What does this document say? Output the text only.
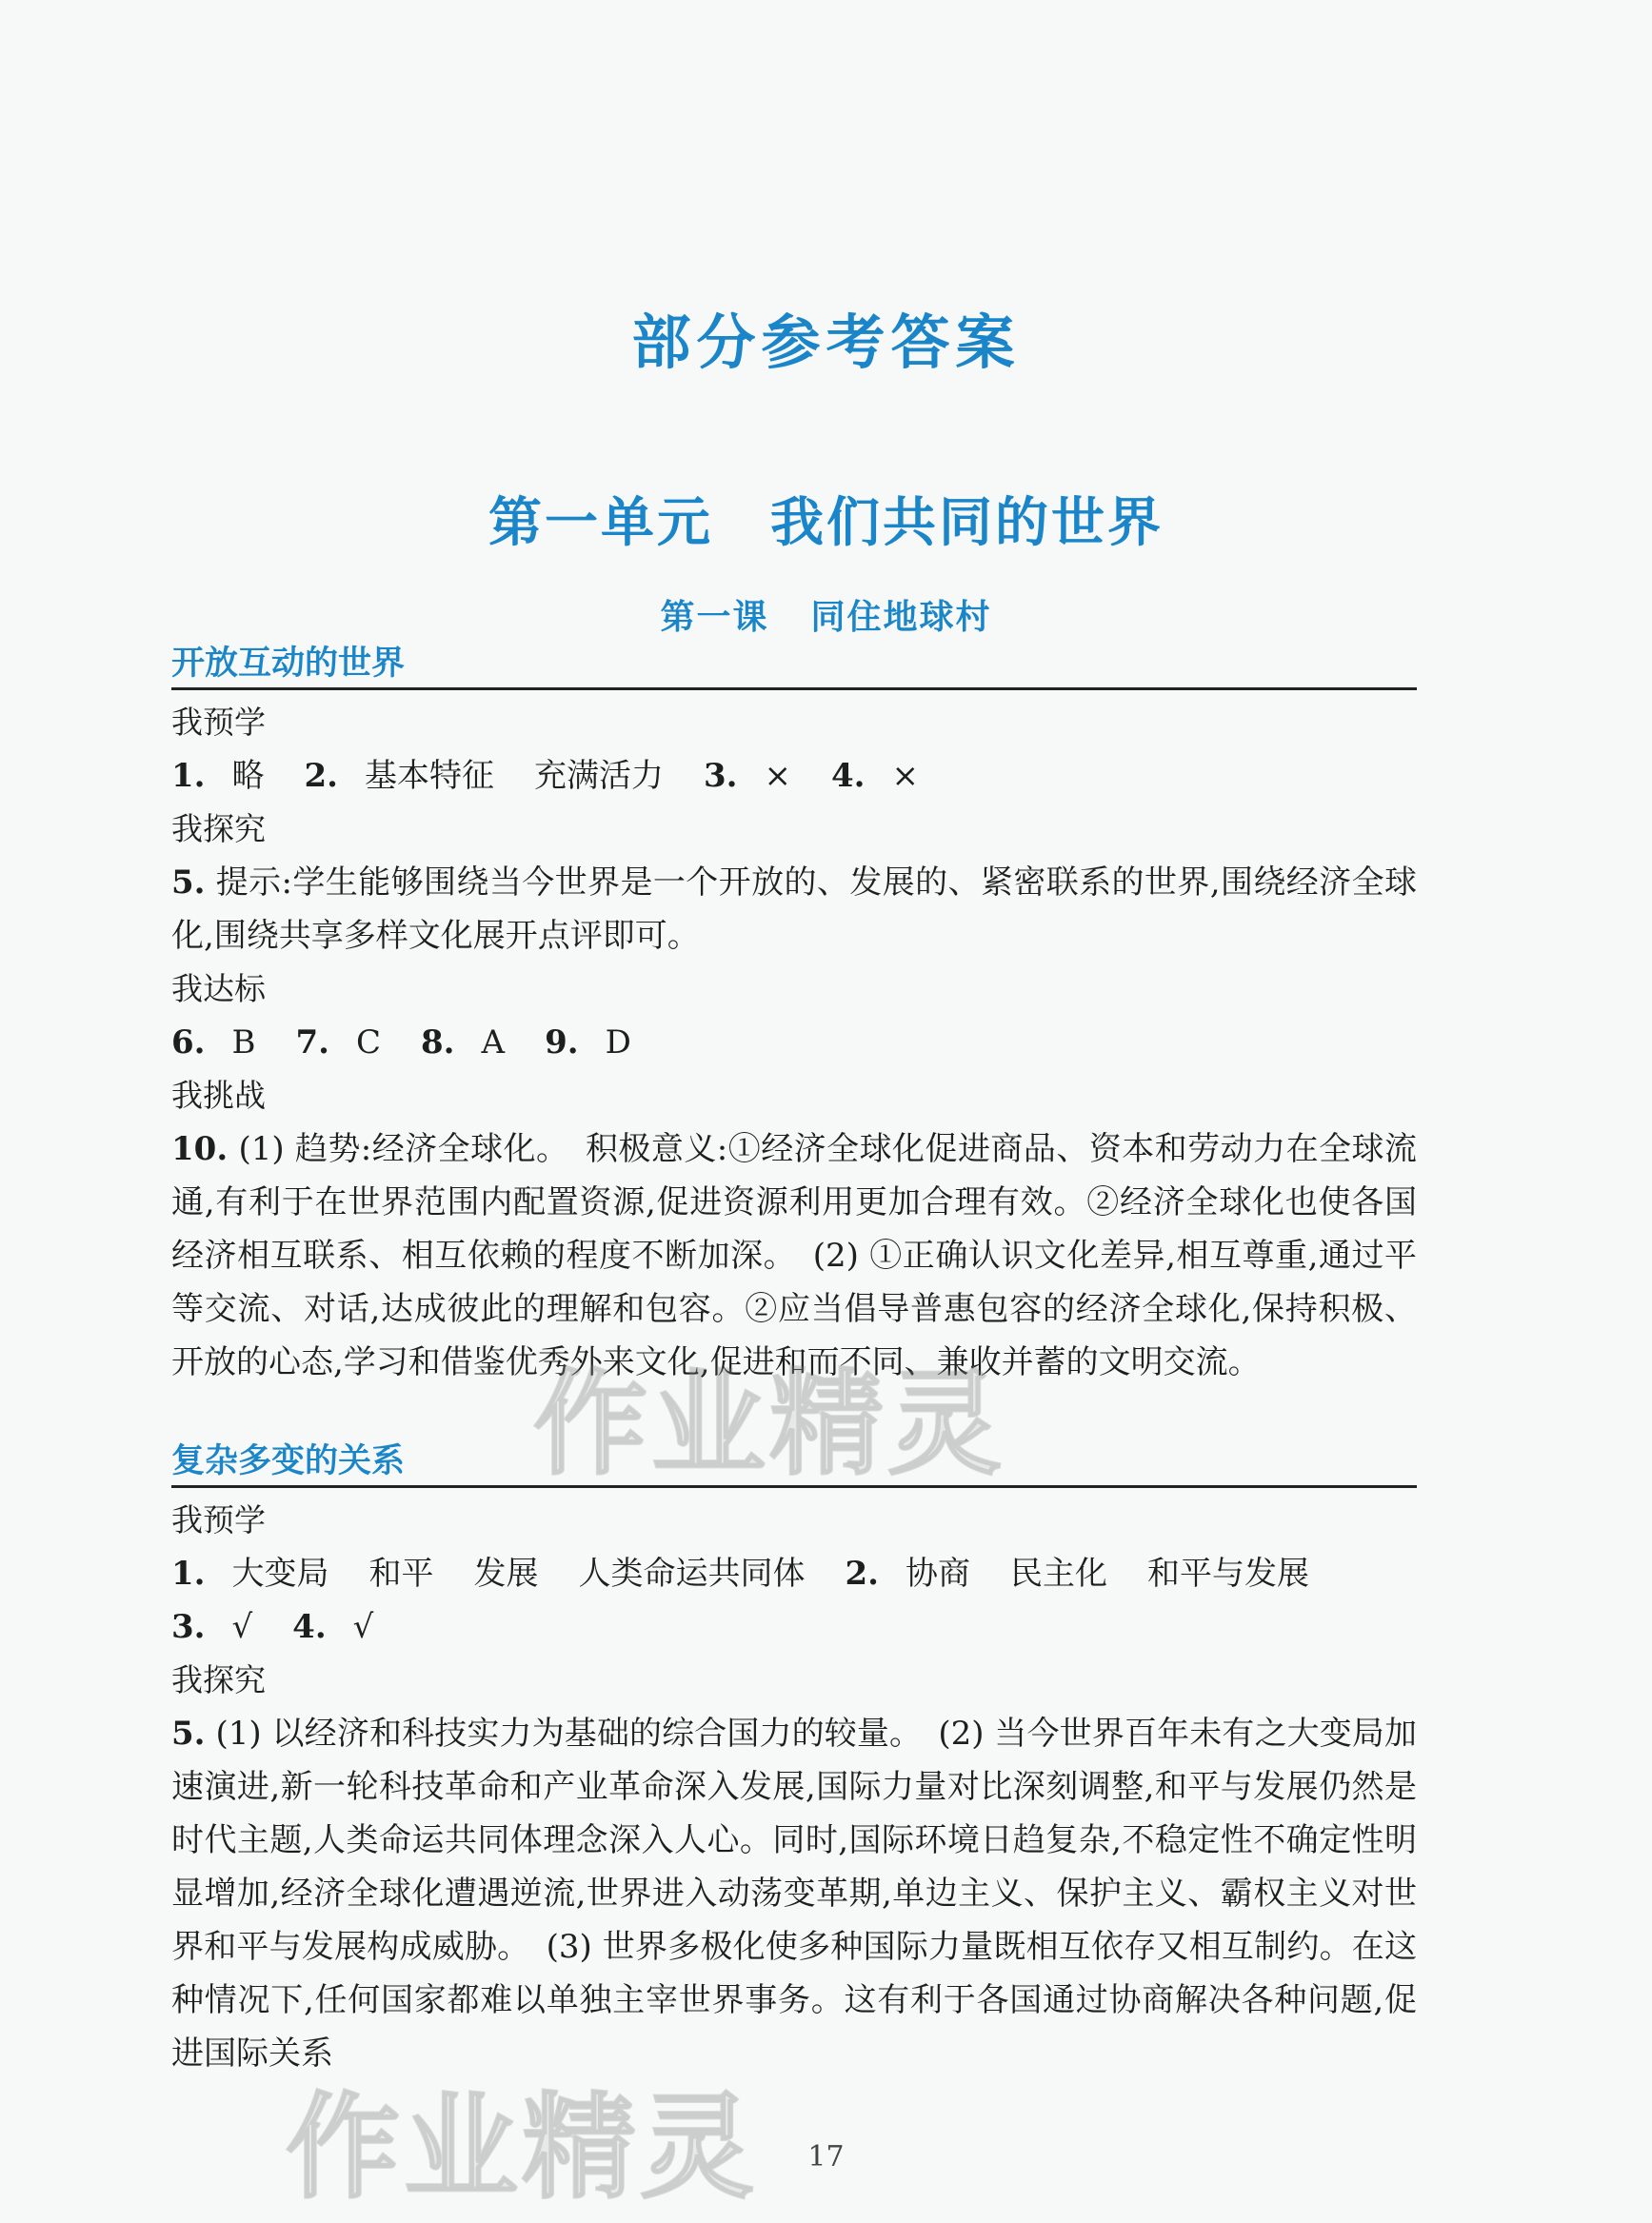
部分参考答案
第一单元 我们共同的世界
第一课 同住地球村
开放互动的世界

我预学

1. 略 2. 基本特征 充满活力 3. × 4. ×

我探究

5. 提示:学生能够围绕当今世界是一个开放的、发展的、紧密联系的世界,围绕经济全球化,围绕共享多样文化展开点评即可。

我达标

6. B 7. C 8. A 9. D

我挑战

10. (1) 趋势:经济全球化。　积极意义:①经济全球化促进商品、资本和劳动力在全球流通,有利于在世界范围内配置资源,促进资源利用更加合理有效。②经济全球化也使各国经济相互联系、相互依赖的程度不断加深。　(2) ①正确认识文化差异,相互尊重,通过平等交流、对话,达成彼此的理解和包容。②应当倡导普惠包容的经济全球化,保持积极、开放的心态,学习和借鉴优秀外来文化,促进和而不同、兼收并蓄的文明交流。

复杂多变的关系

我预学

1. 大变局 和平 发展 人类命运共同体 2. 协商 民主化 和平与发展
3. √ 4. √

我探究

5. (1) 以经济和科技实力为基础的综合国力的较量。　(2) 当今世界百年未有之大变局加速演进,新一轮科技革命和产业革命深入发展,国际力量对比深刻调整,和平与发展仍然是时代主题,人类命运共同体理念深入人心。同时,国际环境日趋复杂,不稳定性不确定性明显增加,经济全球化遭遇逆流,世界进入动荡变革期,单边主义、保护主义、霸权主义对世界和平与发展构成威胁。　(3) 世界多极化使多种国际力量既相互依存又相互制约。在这种情况下,任何国家都难以单独主宰世界事务。这有利于各国通过协商解决各种问题,促进国际关系

17
作业精灵
作业精灵
